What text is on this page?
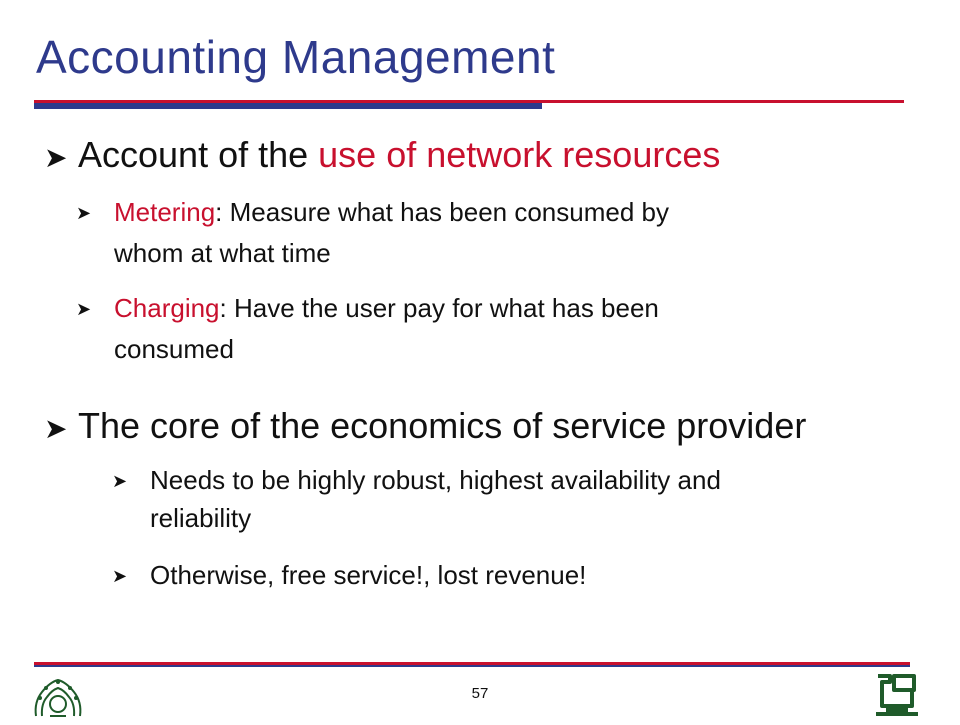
Accounting Management
➤ Account of the use of network resources
➤ Metering: Measure what has been consumed by
whom at what time
➤ Charging: Have the user pay for what has been
consumed
➤ The core of the economics of service provider
➤ Needs to be highly robust, highest availability and
reliability
➤ Otherwise, free service!, lost revenue!
57
